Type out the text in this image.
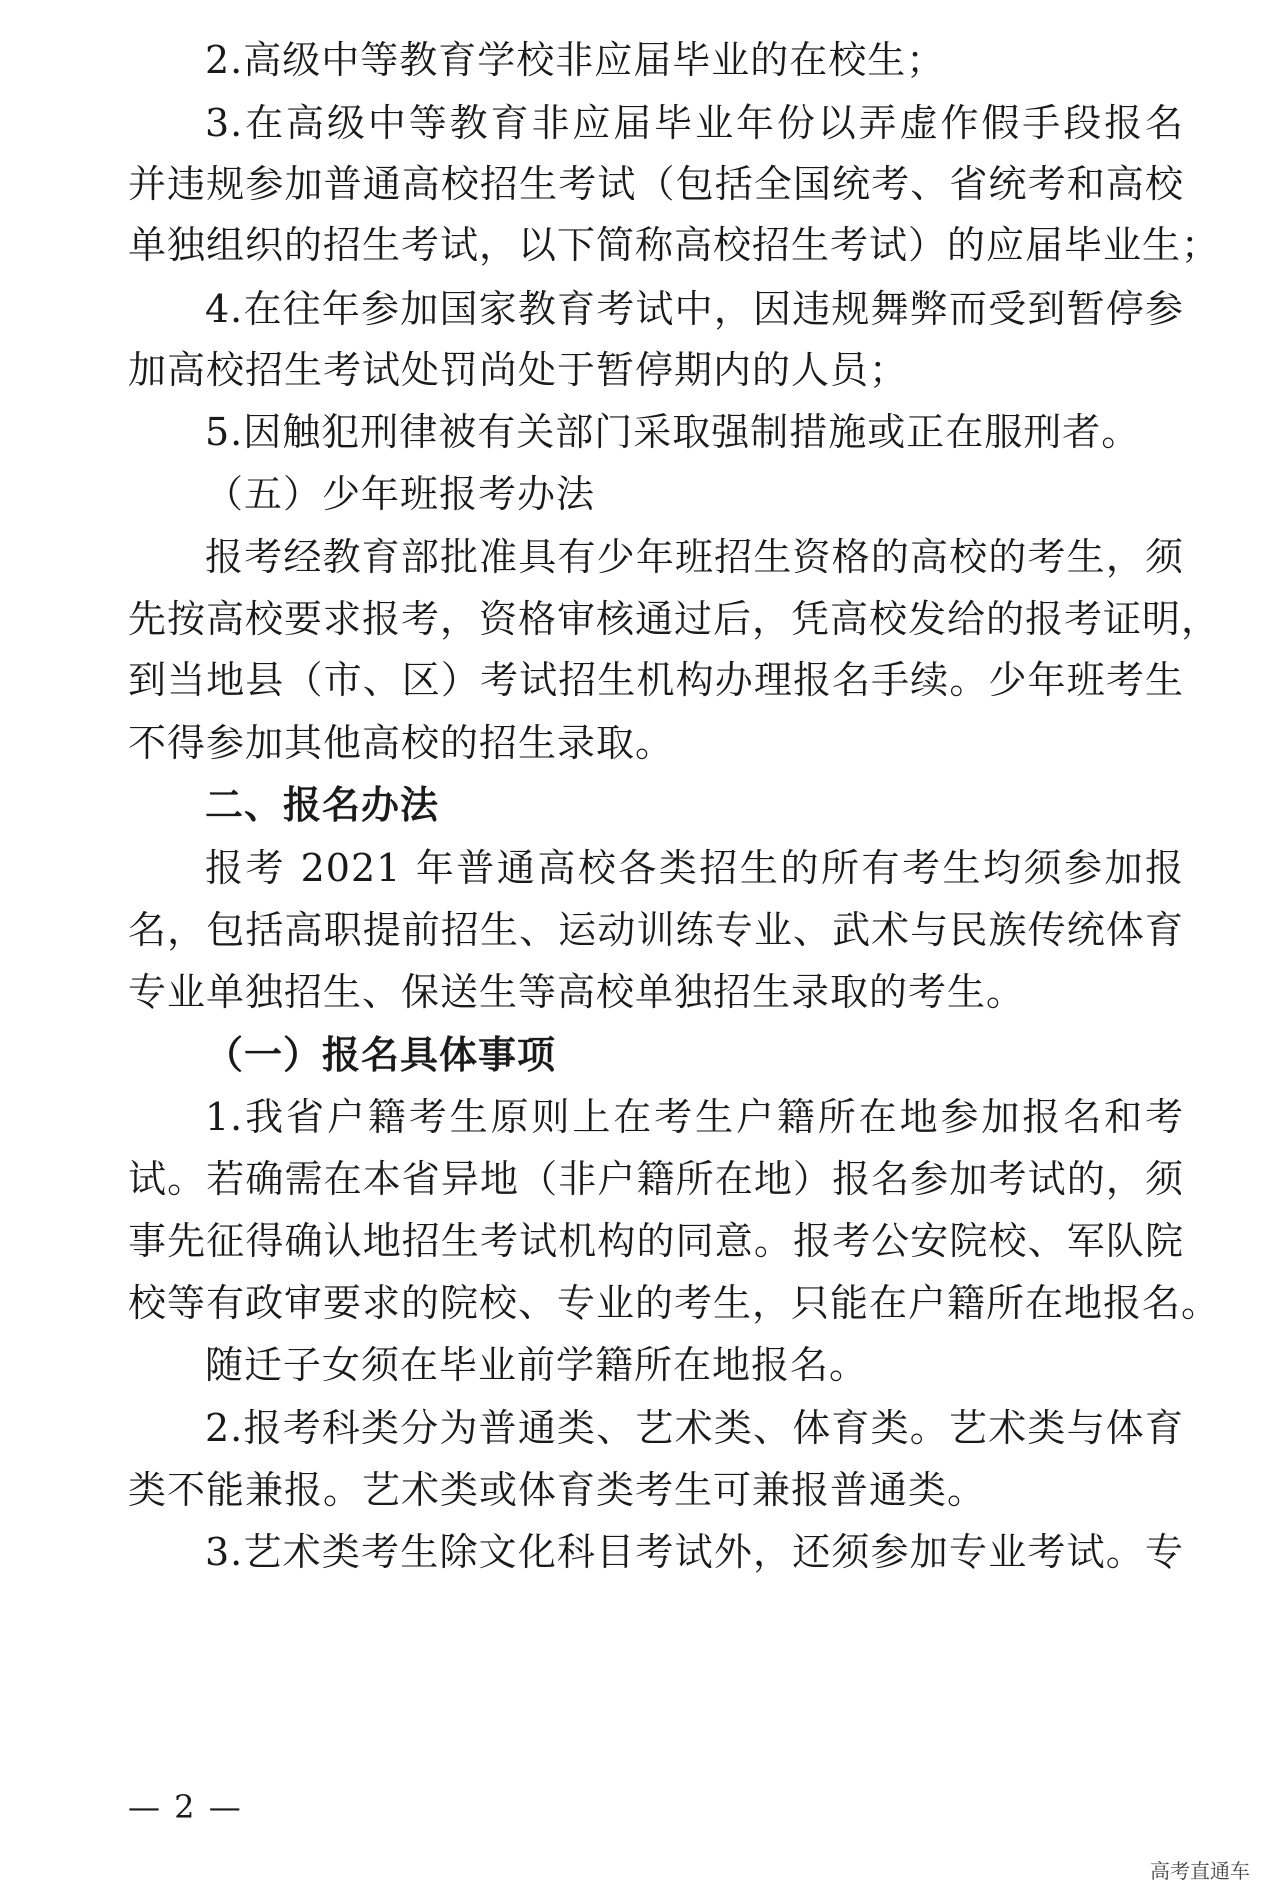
2.高级中等教育学校非应届毕业的在校生；
3.在高级中等教育非应届毕业年份以弄虚作假手段报名
并违规参加普通高校招生考试（包括全国统考、省统考和高校
单独组织的招生考试，以下简称高校招生考试）的应届毕业生；
4.在往年参加国家教育考试中，因违规舞弊而受到暂停参
加高校招生考试处罚尚处于暂停期内的人员；
5.因触犯刑律被有关部门采取强制措施或正在服刑者。
（五）少年班报考办法
报考经教育部批准具有少年班招生资格的高校的考生，须
先按高校要求报考，资格审核通过后，凭高校发给的报考证明，
到当地县（市、区）考试招生机构办理报名手续。少年班考生
不得参加其他高校的招生录取。
二、报名办法
报考 2021 年普通高校各类招生的所有考生均须参加报
名，包括高职提前招生、运动训练专业、武术与民族传统体育
专业单独招生、保送生等高校单独招生录取的考生。
（一）报名具体事项
1.我省户籍考生原则上在考生户籍所在地参加报名和考
试。若确需在本省异地（非户籍所在地）报名参加考试的，须
事先征得确认地招生考试机构的同意。报考公安院校、军队院
校等有政审要求的院校、专业的考生，只能在户籍所在地报名。
随迁子女须在毕业前学籍所在地报名。
2.报考科类分为普通类、艺术类、体育类。艺术类与体育
类不能兼报。艺术类或体育类考生可兼报普通类。
3.艺术类考生除文化科目考试外，还须参加专业考试。专
— 2 —
高考直通车
